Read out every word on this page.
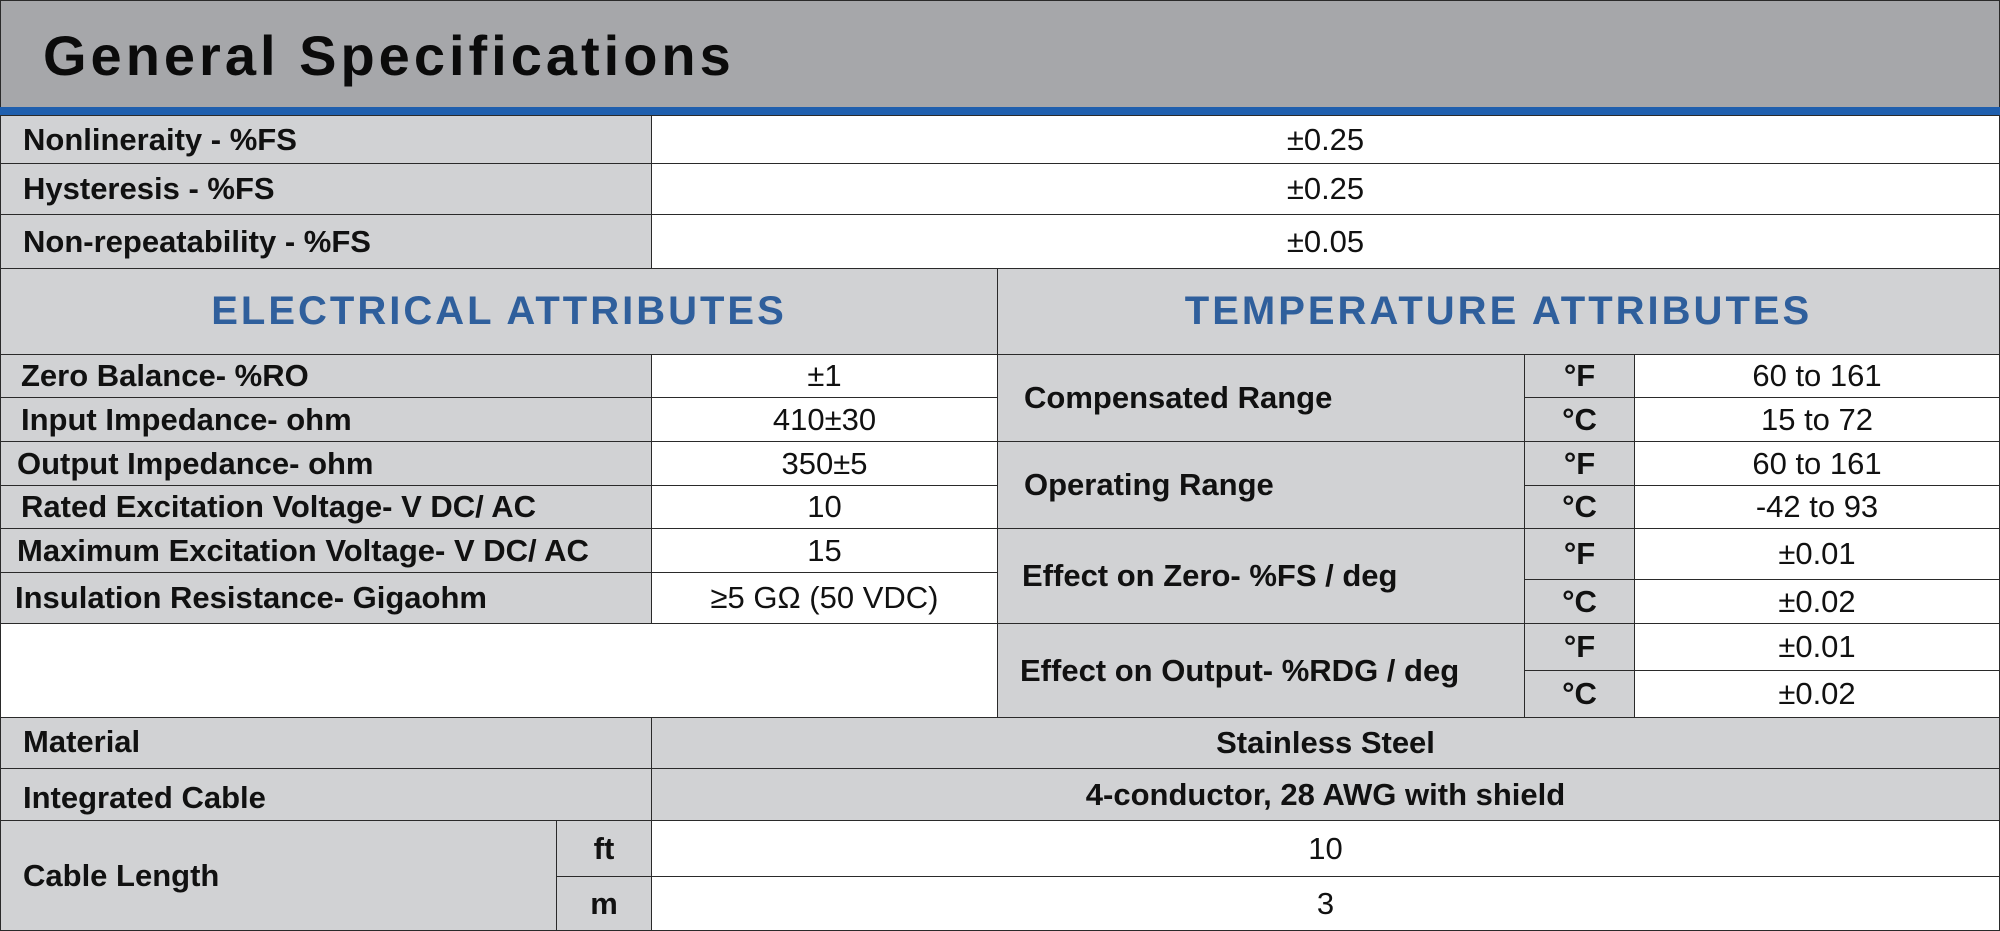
General Specifications
Nonlineraity - %FS	±0.25
Hysteresis - %FS	±0.25
Non-repeatability - %FS	±0.05
ELECTRICAL ATTRIBUTES	TEMPERATURE ATTRIBUTES
Zero Balance- %RO	±1
Input Impedance- ohm	410±30
Output Impedance- ohm	350±5
Rated Excitation Voltage- V DC/ AC	10
Maximum Excitation Voltage- V DC/ AC	15
Insulation Resistance- Gigaohm	≥5 GΩ (50 VDC)
Compensated Range
°F	60 to 161
°C	15 to 72
Operating Range
°F	60 to 161
°C	-42 to 93
Effect on Zero- %FS / deg
°F	±0.01
°C	±0.02
Effect on Output- %RDG / deg
°F	±0.01
°C	±0.02
Material	Stainless Steel
Integrated Cable	4-conductor, 28 AWG with shield
Cable Length
ft	10
m	3
